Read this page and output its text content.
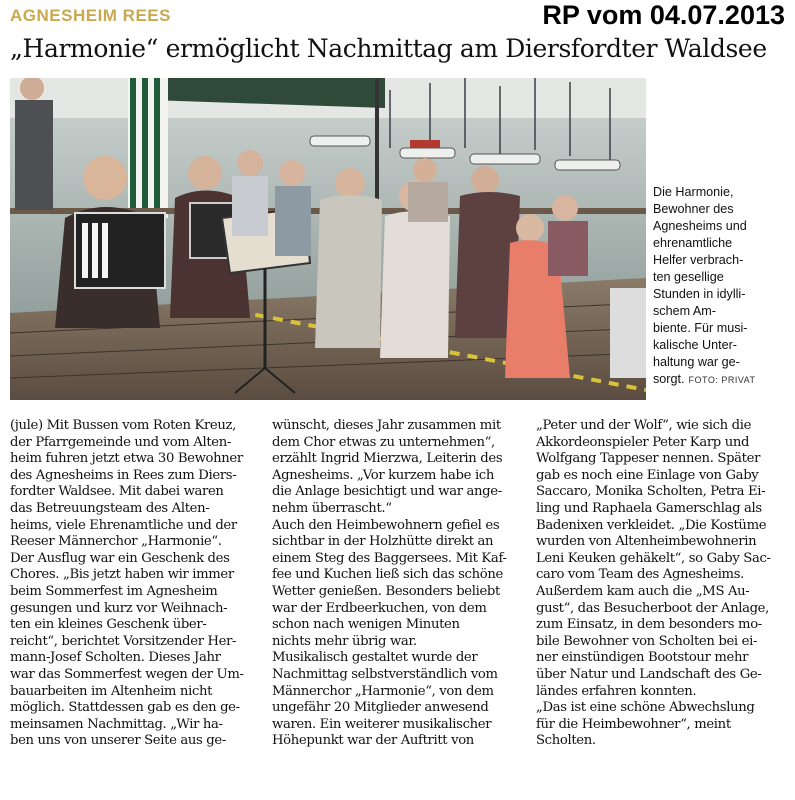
AGNESHEIM REES	RP vom 04.07.2013
„Harmonie“ ermöglicht Nachmittag am Diersfordter Waldsee
Die Harmonie,
Bewohner des
Agnesheims und
ehrenamtliche
Helfer verbrach-
ten gesellige
Stunden in idylli-
schem Am-
biente. Für musi-
kalische Unter-
haltung war ge-
sorgt. FOTO: PRIVAT
(jule) Mit Bussen vom Roten Kreuz,
der Pfarrgemeinde und vom Alten-
heim fuhren jetzt etwa 30 Bewohner
des Agnesheims in Rees zum Diers-
fordter Waldsee. Mit dabei waren
das Betreuungsteam des Alten-
heims, viele Ehrenamtliche und der
Reeser Männerchor „Harmonie“.
Der Ausflug war ein Geschenk des
Chores. „Bis jetzt haben wir immer
beim Sommerfest im Agnesheim
gesungen und kurz vor Weihnach-
ten ein kleines Geschenk über-
reicht“, berichtet Vorsitzender Her-
mann-Josef Scholten. Dieses Jahr
war das Sommerfest wegen der Um-
bauarbeiten im Altenheim nicht
möglich. Stattdessen gab es den ge-
meinsamen Nachmittag. „Wir ha-
ben uns von unserer Seite aus ge-
wünscht, dieses Jahr zusammen mit
dem Chor etwas zu unternehmen“,
erzählt Ingrid Mierzwa, Leiterin des
Agnesheims. „Vor kurzem habe ich
die Anlage besichtigt und war ange-
nehm überrascht.“
Auch den Heimbewohnern gefiel es
sichtbar in der Holzhütte direkt an
einem Steg des Baggersees. Mit Kaf-
fee und Kuchen ließ sich das schöne
Wetter genießen. Besonders beliebt
war der Erdbeerkuchen, von dem
schon nach wenigen Minuten
nichts mehr übrig war.
Musikalisch gestaltet wurde der
Nachmittag selbstverständlich vom
Männerchor „Harmonie“, von dem
ungefähr 20 Mitglieder anwesend
waren. Ein weiterer musikalischer
Höhepunkt war der Auftritt von
„Peter und der Wolf“, wie sich die
Akkordeonspieler Peter Karp und
Wolfgang Tappeser nennen. Später
gab es noch eine Einlage von Gaby
Saccaro, Monika Scholten, Petra Ei-
ling und Raphaela Gamerschlag als
Badenixen verkleidet. „Die Kostüme
wurden von Altenheimbewohnerin
Leni Keuken gehäkelt“, so Gaby Sac-
caro vom Team des Agnesheims.
Außerdem kam auch die „MS Au-
gust“, das Besucherboot der Anlage,
zum Einsatz, in dem besonders mo-
bile Bewohner von Scholten bei ei-
ner einstündigen Bootstour mehr
über Natur und Landschaft des Ge-
ländes erfahren konnten.
„Das ist eine schöne Abwechslung
für die Heimbewohner“, meint
Scholten.
